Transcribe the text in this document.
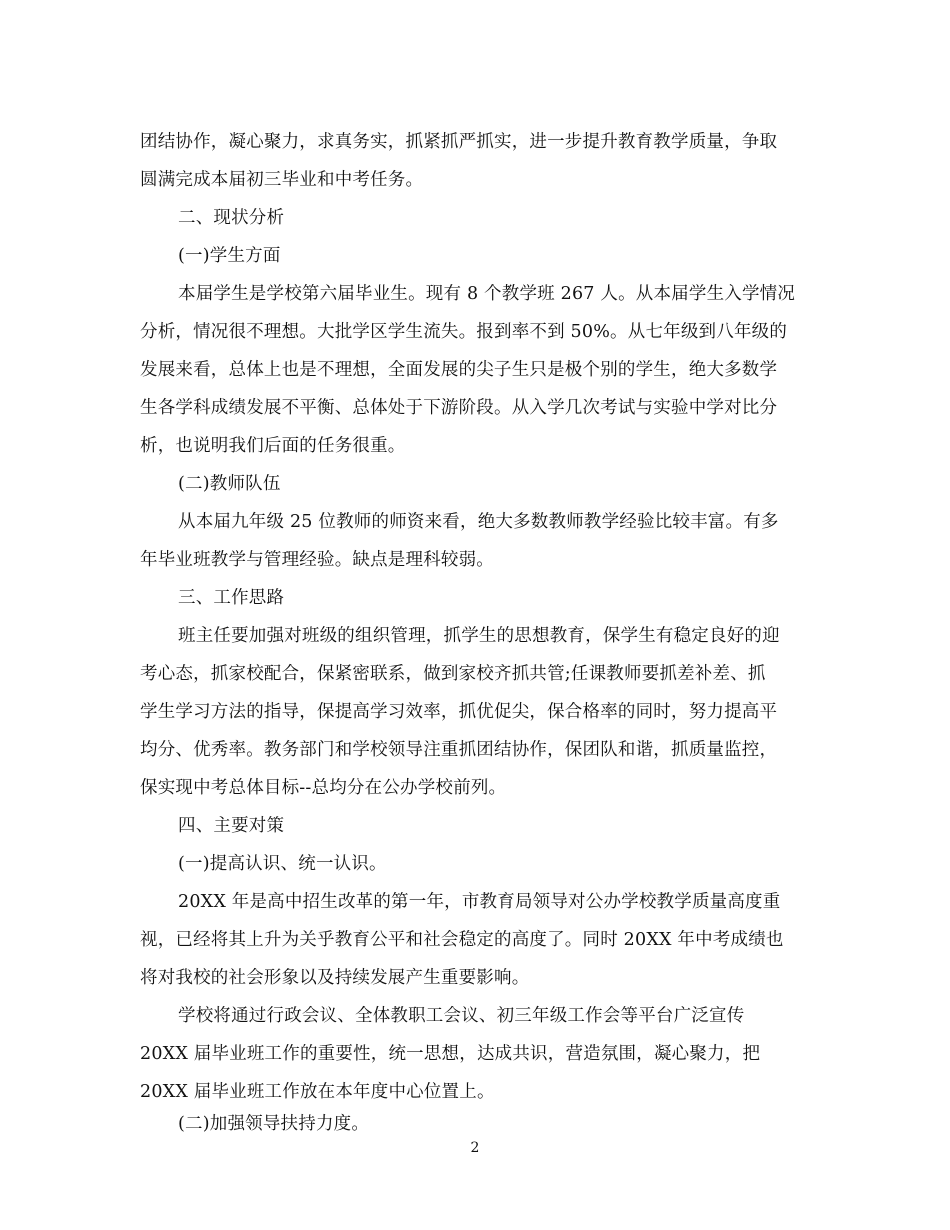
团结协作，凝心聚力，求真务实，抓紧抓严抓实，进一步提升教育教学质量，争取
圆满完成本届初三毕业和中考任务。
二、现状分析
(一)学生方面
本届学生是学校第六届毕业生。现有 8 个教学班 267 人。从本届学生入学情况
分析，情况很不理想。大批学区学生流失。报到率不到 50%。从七年级到八年级的
发展来看，总体上也是不理想，全面发展的尖子生只是极个别的学生，绝大多数学
生各学科成绩发展不平衡、总体处于下游阶段。从入学几次考试与实验中学对比分
析，也说明我们后面的任务很重。
(二)教师队伍
从本届九年级 25 位教师的师资来看，绝大多数教师教学经验比较丰富。有多
年毕业班教学与管理经验。缺点是理科较弱。
三、工作思路
班主任要加强对班级的组织管理，抓学生的思想教育，保学生有稳定良好的迎
考心态，抓家校配合，保紧密联系，做到家校齐抓共管;任课教师要抓差补差、抓
学生学习方法的指导，保提高学习效率，抓优促尖，保合格率的同时，努力提高平
均分、优秀率。教务部门和学校领导注重抓团结协作，保团队和谐，抓质量监控，
保实现中考总体目标--总均分在公办学校前列。
四、主要对策
(一)提高认识、统一认识。
20XX 年是高中招生改革的第一年，市教育局领导对公办学校教学质量高度重
视，已经将其上升为关乎教育公平和社会稳定的高度了。同时 20XX 年中考成绩也
将对我校的社会形象以及持续发展产生重要影响。
学校将通过行政会议、全体教职工会议、初三年级工作会等平台广泛宣传
20XX 届毕业班工作的重要性，统一思想，达成共识，营造氛围，凝心聚力，把
20XX 届毕业班工作放在本年度中心位置上。
(二)加强领导扶持力度。
2
